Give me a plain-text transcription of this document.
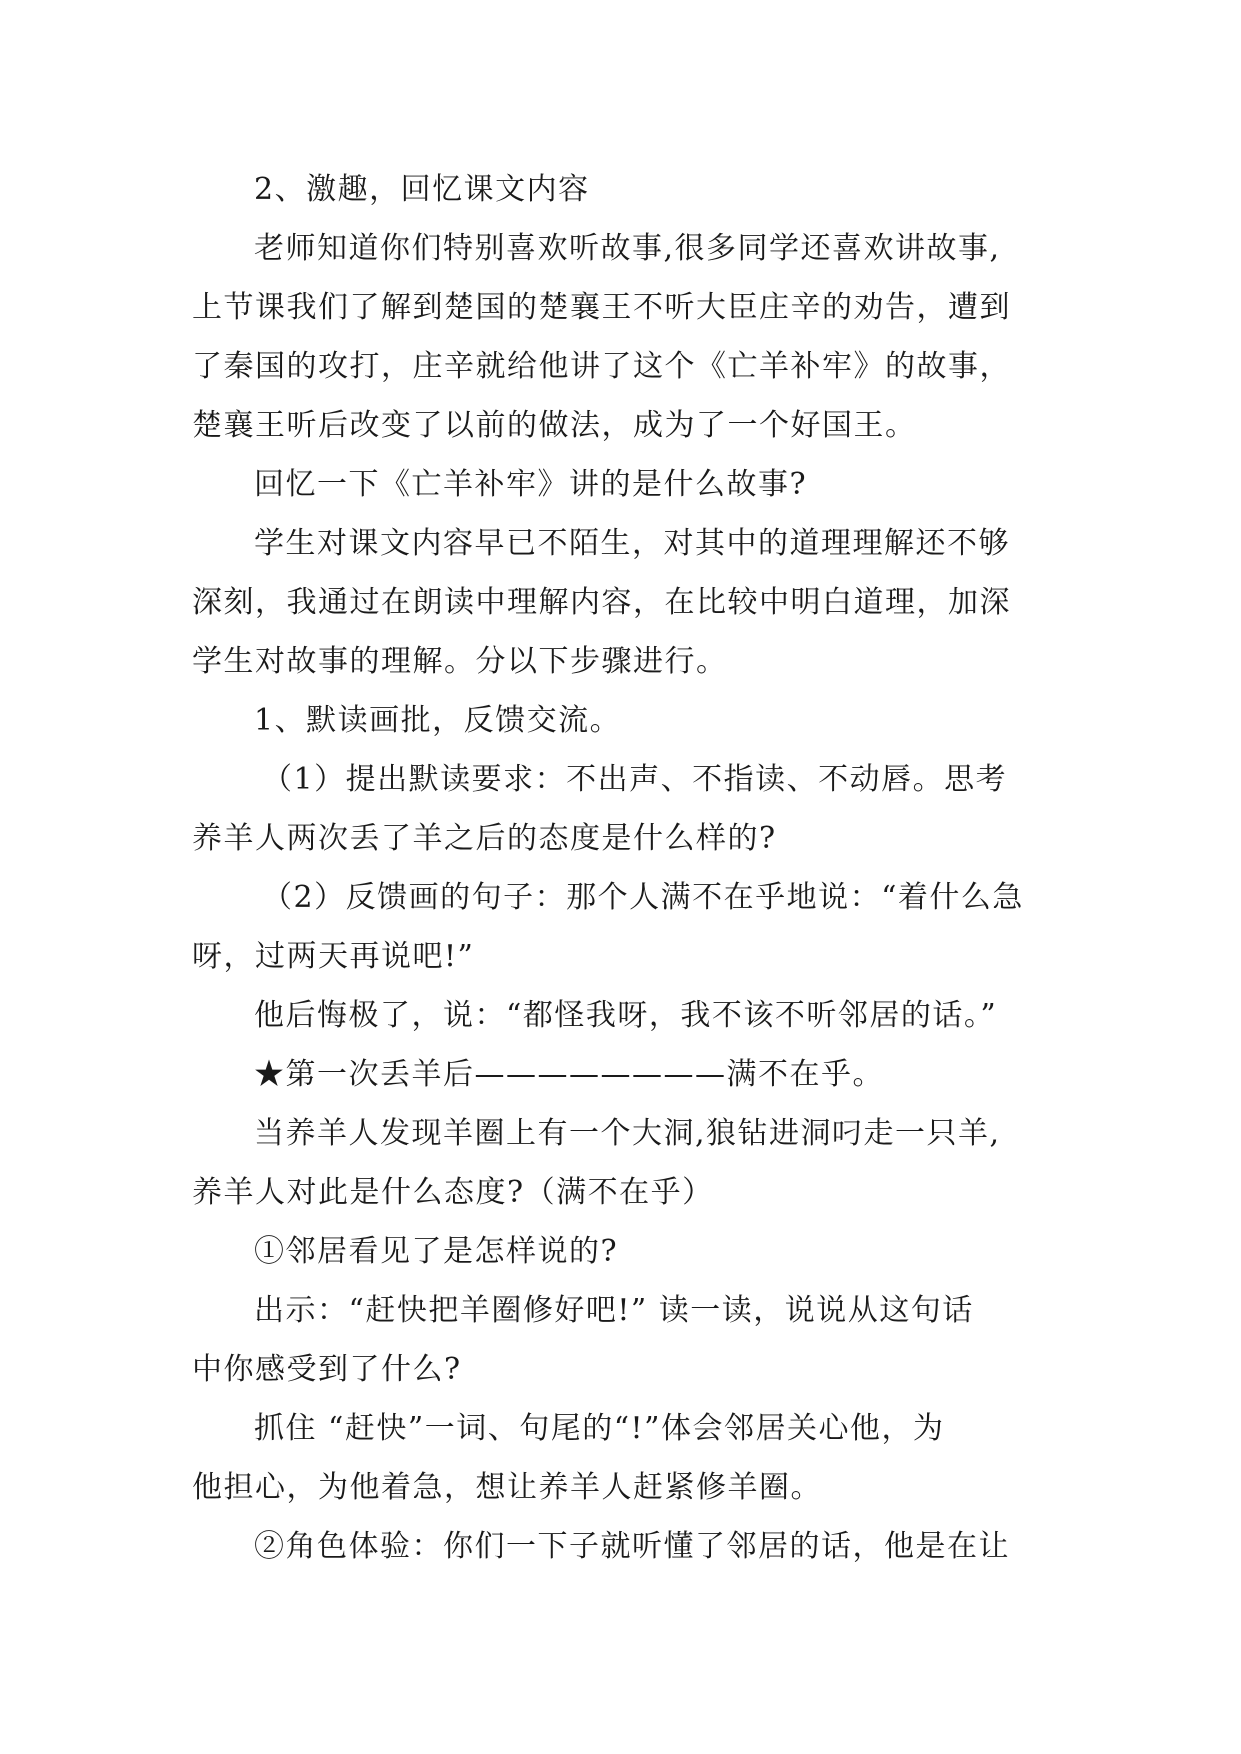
2、激趣，回忆课文内容
老师知道你们特别喜欢听故事,很多同学还喜欢讲故事,
上节课我们了解到楚国的楚襄王不听大臣庄辛的劝告，遭到
了秦国的攻打，庄辛就给他讲了这个《亡羊补牢》的故事，
楚襄王听后改变了以前的做法，成为了一个好国王。
回忆一下《亡羊补牢》讲的是什么故事?
学生对课文内容早已不陌生，对其中的道理理解还不够
深刻，我通过在朗读中理解内容，在比较中明白道理，加深
学生对故事的理解。分以下步骤进行。
1、默读画批，反馈交流。
（1）提出默读要求：不出声、不指读、不动唇。思考
养羊人两次丢了羊之后的态度是什么样的?
（2）反馈画的句子：那个人满不在乎地说：“着什么急
呀，过两天再说吧!”
他后悔极了，说：“都怪我呀，我不该不听邻居的话。”
★第一次丢羊后————————满不在乎。
当养羊人发现羊圈上有一个大洞,狼钻进洞叼走一只羊,
养羊人对此是什么态度?（满不在乎）
①邻居看见了是怎样说的?
出示：“赶快把羊圈修好吧!” 读一读，说说从这句话
中你感受到了什么?
抓住 “赶快”一词、句尾的“!”体会邻居关心他，为
他担心，为他着急，想让养羊人赶紧修羊圈。
②角色体验：你们一下子就听懂了邻居的话，他是在让
